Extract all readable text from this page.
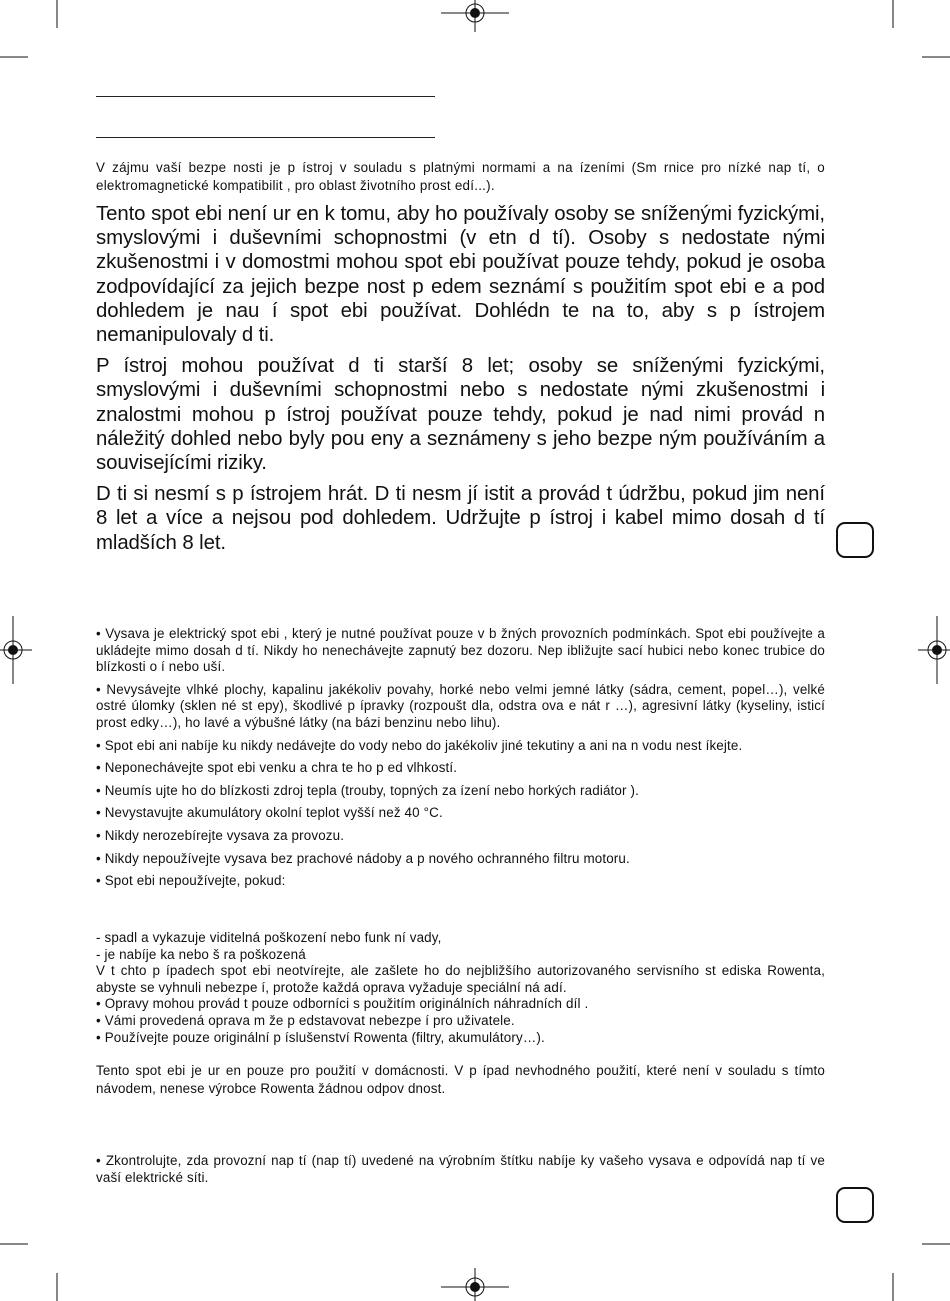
V zájmu vaší bezpe nosti je p ístroj v souladu s platnými normami a na ízeními (Sm rnice pro nízké nap tí, o elektromagnetické kompatibilit , pro oblast životního prost edí...).

Tento spot ebi není ur en k tomu, aby ho používaly osoby se sníženými fyzickými, smyslovými i duševními schopnostmi (v etn d tí). Osoby s nedostate nými zkušenostmi i v domostmi mohou spot ebi používat pouze tehdy, pokud je osoba zodpovídající za jejich bezpe nost p edem seznámí s použitím spot ebi e a pod dohledem je nau í spot ebi používat. Dohlédn te na to, aby s p ístrojem nemanipulovaly d ti.

P ístroj mohou používat d ti starší 8 let; osoby se sníženými fyzickými, smyslovými i duševními schopnostmi nebo s nedostate nými zkušenostmi i znalostmi mohou p ístroj používat pouze tehdy, pokud je nad nimi provád n náležitý dohled nebo byly pou eny a seznámeny s jeho bezpe ným používáním a souvisejícími riziky.

D ti si nesmí s p ístrojem hrát. D ti nesm jí istit a provád t údržbu, pokud jim není 8 let a více a nejsou pod dohledem. Udržujte p ístroj i kabel mimo dosah d tí mladších 8 let.

• Vysava je elektrický spot ebi , který je nutné používat pouze v b žných provozních podmínkách. Spot ebi používejte a ukládejte mimo dosah d tí. Nikdy ho nenechávejte zapnutý bez dozoru. Nep ibližujte sací hubici nebo konec trubice do blízkosti o í nebo uší.

• Nevysávejte vlhké plochy, kapalinu jakékoliv povahy, horké nebo velmi jemné látky (sádra, cement, popel…), velké ostré úlomky (sklen né st epy), škodlivé p ípravky (rozpoušt dla, odstra ova e nát r …), agresivní látky (kyseliny, isticí prost edky…), ho lavé a výbušné látky (na bázi benzinu nebo lihu).

• Spot ebi ani nabíje ku nikdy nedávejte do vody nebo do jakékoliv jiné tekutiny a ani na n vodu nest íkejte.

• Neponechávejte spot ebi venku a chra te ho p ed vlhkostí.

• Neumís ujte ho do blízkosti zdroj tepla (trouby, topných za ízení nebo horkých radiátor ).

• Nevystavujte akumulátory okolní teplot vyšší než 40 °C.

• Nikdy nerozebírejte vysava za provozu.

• Nikdy nepoužívejte vysava bez prachové nádoby a p nového ochranného filtru motoru.

• Spot ebi nepoužívejte, pokud:

- spadl a vykazuje viditelná poškození nebo funk ní vady,

- je nabíje ka nebo š ra poškozená

V t chto p ípadech spot ebi neotvírejte, ale zašlete ho do nejbližšího autorizovaného servisního st ediska Rowenta, abyste se vyhnuli nebezpe í, protože každá oprava vyžaduje speciální ná adí.

• Opravy mohou provád t pouze odborníci s použitím originálních náhradních díl .

• Vámi provedená oprava m že p edstavovat nebezpe í pro uživatele.

• Používejte pouze originální p íslušenství Rowenta (filtry, akumulátory…).

Tento spot ebi je ur en pouze pro použití v domácnosti. V p ípad nevhodného použití, které není v souladu s tímto návodem, nenese výrobce Rowenta žádnou odpov dnost.

• Zkontrolujte, zda provozní nap tí (nap tí) uvedené na výrobním štítku nabíje ky vašeho vysava e odpovídá nap tí ve vaší elektrické síti.
